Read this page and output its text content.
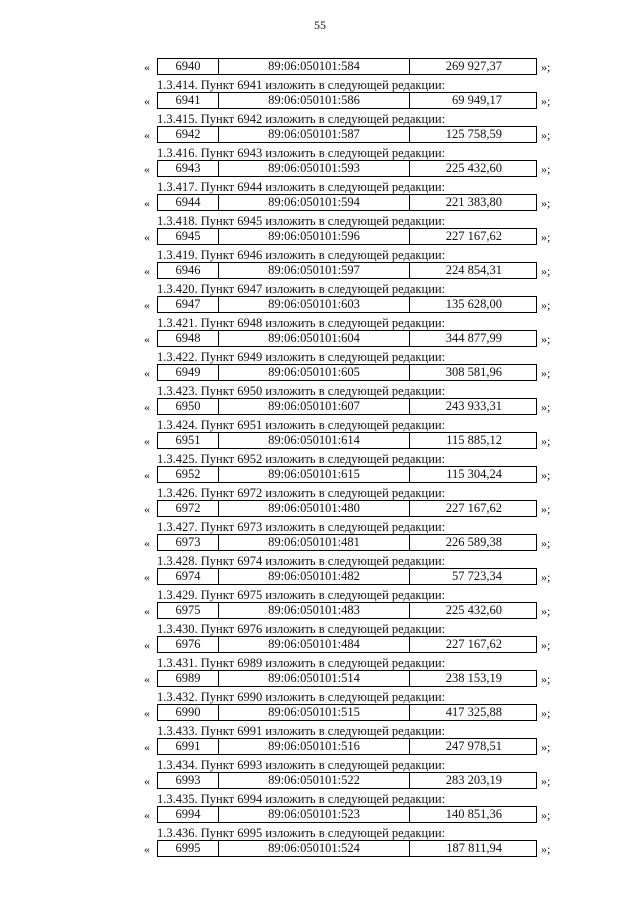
55
«	6940	89:06:050101:584	269 927,37	»;
1.3.414. Пункт 6941 изложить в следующей редакции:
«	6941	89:06:050101:586	69 949,17	»;
1.3.415. Пункт 6942 изложить в следующей редакции:
«	6942	89:06:050101:587	125 758,59	»;
1.3.416. Пункт 6943 изложить в следующей редакции:
«	6943	89:06:050101:593	225 432,60	»;
1.3.417. Пункт 6944 изложить в следующей редакции:
«	6944	89:06:050101:594	221 383,80	»;
1.3.418. Пункт 6945 изложить в следующей редакции:
«	6945	89:06:050101:596	227 167,62	»;
1.3.419. Пункт 6946 изложить в следующей редакции:
«	6946	89:06:050101:597	224 854,31	»;
1.3.420. Пункт 6947 изложить в следующей редакции:
«	6947	89:06:050101:603	135 628,00	»;
1.3.421. Пункт 6948 изложить в следующей редакции:
«	6948	89:06:050101:604	344 877,99	»;
1.3.422. Пункт 6949 изложить в следующей редакции:
«	6949	89:06:050101:605	308 581,96	»;
1.3.423. Пункт 6950 изложить в следующей редакции:
«	6950	89:06:050101:607	243 933,31	»;
1.3.424. Пункт 6951 изложить в следующей редакции:
«	6951	89:06:050101:614	115 885,12	»;
1.3.425. Пункт 6952 изложить в следующей редакции:
«	6952	89:06:050101:615	115 304,24	»;
1.3.426. Пункт 6972 изложить в следующей редакции:
«	6972	89:06:050101:480	227 167,62	»;
1.3.427. Пункт 6973 изложить в следующей редакции:
«	6973	89:06:050101:481	226 589,38	»;
1.3.428. Пункт 6974 изложить в следующей редакции:
«	6974	89:06:050101:482	57 723,34	»;
1.3.429. Пункт 6975 изложить в следующей редакции:
«	6975	89:06:050101:483	225 432,60	»;
1.3.430. Пункт 6976 изложить в следующей редакции:
«	6976	89:06:050101:484	227 167,62	»;
1.3.431. Пункт 6989 изложить в следующей редакции:
«	6989	89:06:050101:514	238 153,19	»;
1.3.432. Пункт 6990 изложить в следующей редакции:
«	6990	89:06:050101:515	417 325,88	»;
1.3.433. Пункт 6991 изложить в следующей редакции:
«	6991	89:06:050101:516	247 978,51	»;
1.3.434. Пункт 6993 изложить в следующей редакции:
«	6993	89:06:050101:522	283 203,19	»;
1.3.435. Пункт 6994 изложить в следующей редакции:
«	6994	89:06:050101:523	140 851,36	»;
1.3.436. Пункт 6995 изложить в следующей редакции:
«	6995	89:06:050101:524	187 811,94	»;
